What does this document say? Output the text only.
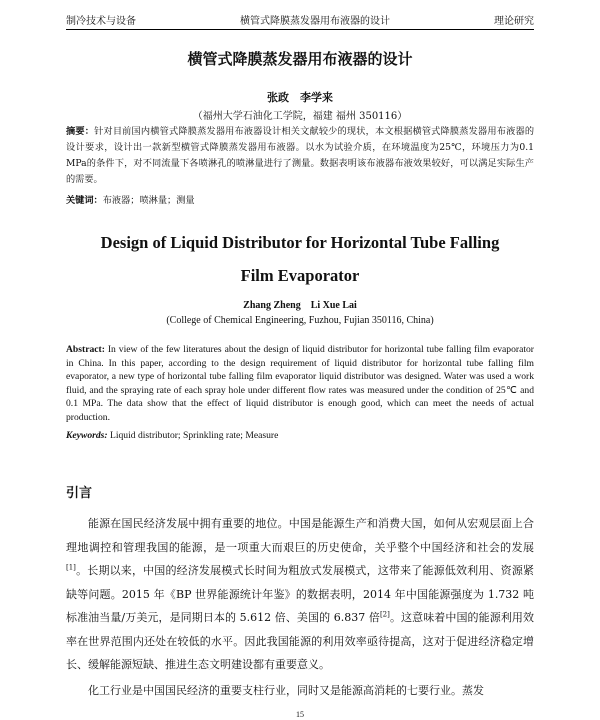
制冷技术与设备	横管式降膜蒸发器用布液器的设计	理论研究
横管式降膜蒸发器用布液器的设计
张政　李学来
（福州大学石油化工学院，福建 福州 350116）
摘要：针对目前国内横管式降膜蒸发器用布液器设计相关文献较少的现状，本文根据横管式降膜蒸发器用布液器的设计要求，设计出一款新型横管式降膜蒸发器用布液器。以水为试验介质，在环境温度为25℃，环境压力为0.1 MPa的条件下，对不同流量下各喷淋孔的喷淋量进行了测量。数据表明该布液器布液效果较好，可以满足实际生产的需要。
关键词：布液器；喷淋量；测量
Design of Liquid Distributor for Horizontal Tube Falling
Film Evaporator
Zhang Zheng　Li Xue Lai
(College of Chemical Engineering, Fuzhou, Fujian 350116, China)
Abstract: In view of the few literatures about the design of liquid distributor for horizontal tube falling film evaporator in China. In this paper, according to the design requirement of liquid distributor for horizontal tube falling film evaporator, a new type of horizontal tube falling film evaporator liquid distributor was designed. Water was used a work fluid, and the spraying rate of each spray hole under different flow rates was measured under the condition of 25℃ and 0.1 MPa. The data show that the effect of liquid distributor is enough good, which can meet the needs of actual production.
Keywords: Liquid distributor; Sprinkling rate; Measure
引言

能源在国民经济发展中拥有重要的地位。中国是能源生产和消费大国，如何从宏观层面上合理地调控和管理我国的能源，是一项重大而艰巨的历史使命，关乎整个中国经济和社会的发展[1]。长期以来，中国的经济发展模式长时间为粗放式发展模式，这带来了能源低效利用、资源紧缺等问题。2015 年《BP 世界能源统计年鉴》的数据表明，2014 年中国能源强度为 1.732 吨标准油当量/万美元，是同期日本的 5.612 倍、美国的 6.837 倍[2]。这意味着中国的能源利用效率在世界范围内还处在较低的水平。因此我国能源的利用效率亟待提高，这对于促进经济稳定增长、缓解能源短缺、推进生态文明建设都有重要意义。

化工行业是中国国民经济的重要支柱行业，同时又是能源高消耗的七要行业。蒸发

15
